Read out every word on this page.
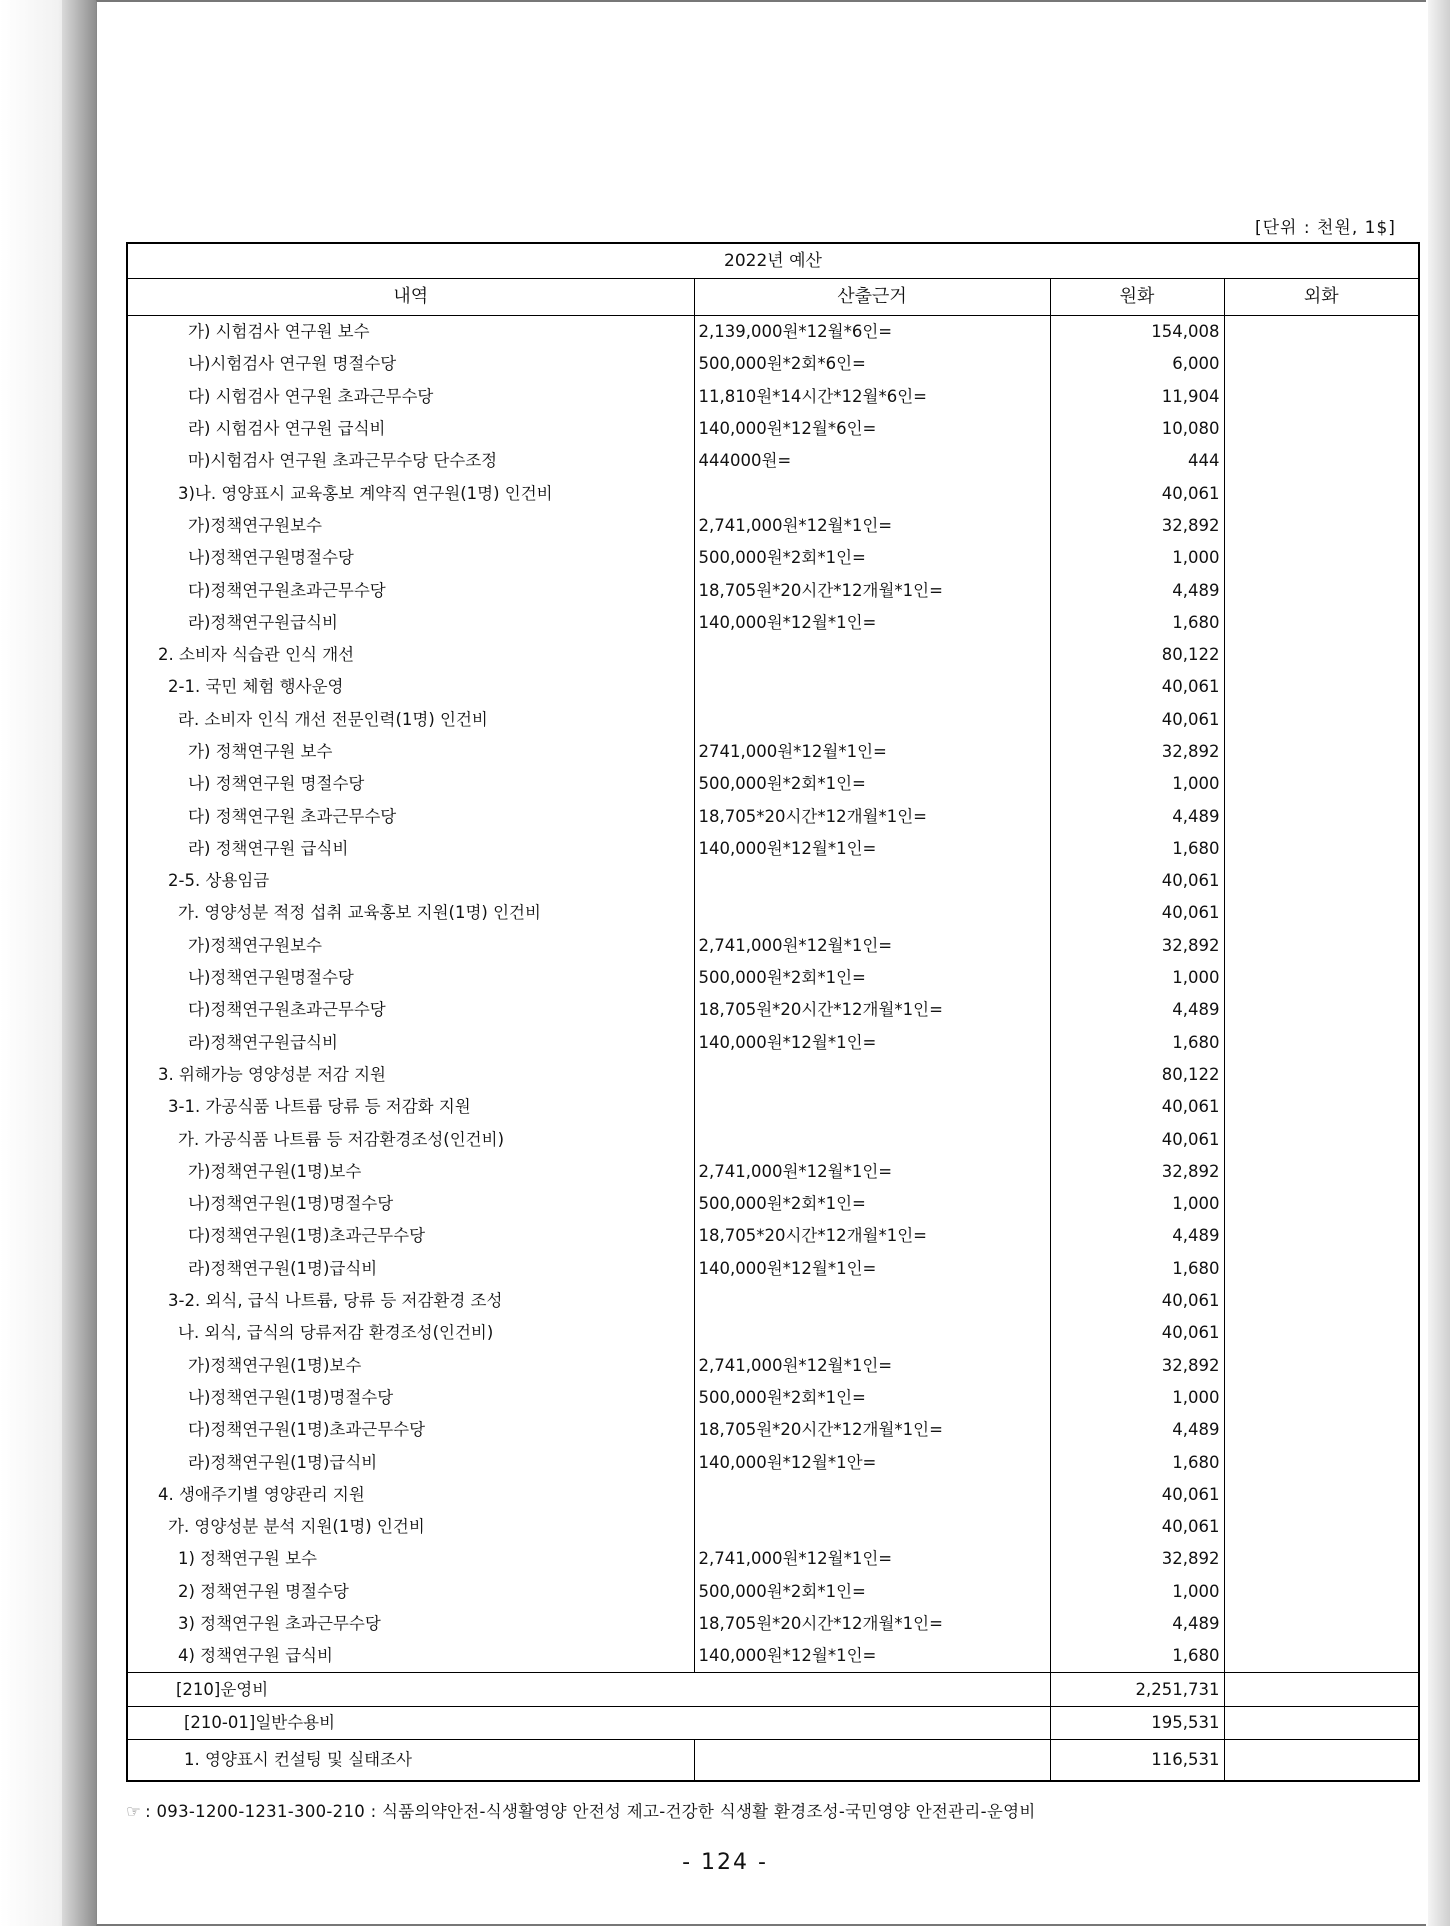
[단위 : 천원, 1$]
2022년 예산			
내역	산출근거	원화	외화
가) 시험검사 연구원 보수	2,139,000원*12월*6인=	154,008	
나)시험검사 연구원 명절수당	500,000원*2회*6인=	6,000	
다) 시험검사 연구원 초과근무수당	11,810원*14시간*12월*6인=	11,904	
라) 시험검사 연구원 급식비	140,000원*12월*6인=	10,080	
마)시험검사 연구원 초과근무수당 단수조정	444000원=	444	
3)나. 영양표시 교육홍보 계약직 연구원(1명) 인건비		40,061	
가)정책연구원보수	2,741,000원*12월*1인=	32,892	
나)정책연구원명절수당	500,000원*2회*1인=	1,000	
다)정책연구원초과근무수당	18,705원*20시간*12개월*1인=	4,489	
라)정책연구원급식비	140,000원*12월*1인=	1,680	
2. 소비자 식습관 인식 개선		80,122	
2-1. 국민 체험 행사운영		40,061	
라. 소비자 인식 개선 전문인력(1명) 인건비		40,061	
가) 정책연구원 보수	2741,000원*12월*1인=	32,892	
나) 정책연구원 명절수당	500,000원*2회*1인=	1,000	
다) 정책연구원 초과근무수당	18,705*20시간*12개월*1인=	4,489	
라) 정책연구원 급식비	140,000원*12월*1인=	1,680	
2-5. 상용임금		40,061	
가. 영양성분 적정 섭취 교육홍보 지원(1명) 인건비		40,061	
가)정책연구원보수	2,741,000원*12월*1인=	32,892	
나)정책연구원명절수당	500,000원*2회*1인=	1,000	
다)정책연구원초과근무수당	18,705원*20시간*12개월*1인=	4,489	
라)정책연구원급식비	140,000원*12월*1인=	1,680	
3. 위해가능 영양성분 저감 지원		80,122	
3-1. 가공식품 나트륨 당류 등 저감화 지원		40,061	
가. 가공식품 나트륨 등 저감환경조성(인건비)		40,061	
가)정책연구원(1명)보수	2,741,000원*12월*1인=	32,892	
나)정책연구원(1명)명절수당	500,000원*2회*1인=	1,000	
다)정책연구원(1명)초과근무수당	18,705*20시간*12개월*1인=	4,489	
라)정책연구원(1명)급식비	140,000원*12월*1인=	1,680	
3-2. 외식, 급식 나트륨, 당류 등 저감환경 조성		40,061	
나. 외식, 급식의 당류저감 환경조성(인건비)		40,061	
가)정책연구원(1명)보수	2,741,000원*12월*1인=	32,892	
나)정책연구원(1명)명절수당	500,000원*2회*1인=	1,000	
다)정책연구원(1명)초과근무수당	18,705원*20시간*12개월*1인=	4,489	
라)정책연구원(1명)급식비	140,000원*12월*1안=	1,680	
4. 생애주기별 영양관리 지원		40,061	
가. 영양성분 분석 지원(1명) 인건비		40,061	
1) 정책연구원 보수	2,741,000원*12월*1인=	32,892	
2) 정책연구원 명절수당	500,000원*2회*1인=	1,000	
3) 정책연구원 초과근무수당	18,705원*20시간*12개월*1인=	4,489	
4) 정책연구원 급식비	140,000원*12월*1인=	1,680	
[210]운영비		2,251,731	
[210-01]일반수용비		195,531	
1. 영양표시 컨설팅 및 실태조사		116,531	
☞ : 093-1200-1231-300-210 : 식품의약안전-식생활영양 안전성 제고-건강한 식생활 환경조성-국민영양 안전관리-운영비
- 124 -
